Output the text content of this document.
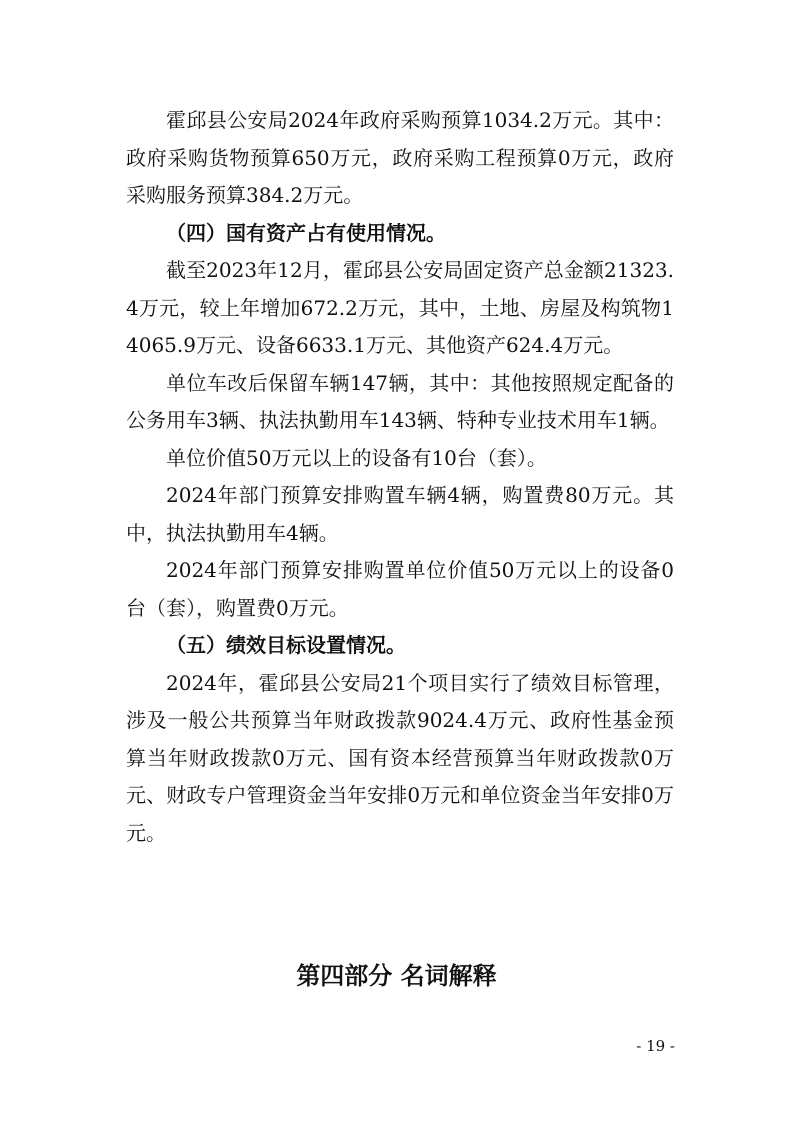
霍邱县公安局2024年政府采购预算1034.2万元。其中：政府采购货物预算650万元，政府采购工程预算0万元，政府采购服务预算384.2万元。

（四）国有资产占有使用情况。

截至2023年12月，霍邱县公安局固定资产总金额21323.4万元，较上年增加672.2万元，其中，土地、房屋及构筑物14065.9万元、设备6633.1万元、其他资产624.4万元。

单位车改后保留车辆147辆，其中：其他按照规定配备的公务用车3辆、执法执勤用车143辆、特种专业技术用车1辆。

单位价值50万元以上的设备有10台（套）。

2024年部门预算安排购置车辆4辆，购置费80万元。其中，执法执勤用车4辆。

2024年部门预算安排购置单位价值50万元以上的设备0台（套），购置费0万元。

（五）绩效目标设置情况。

2024年，霍邱县公安局21个项目实行了绩效目标管理，涉及一般公共预算当年财政拨款9024.4万元、政府性基金预算当年财政拨款0万元、国有资本经营预算当年财政拨款0万元、财政专户管理资金当年安排0万元和单位资金当年安排0万元。

第四部分 名词解释
- 19 -
